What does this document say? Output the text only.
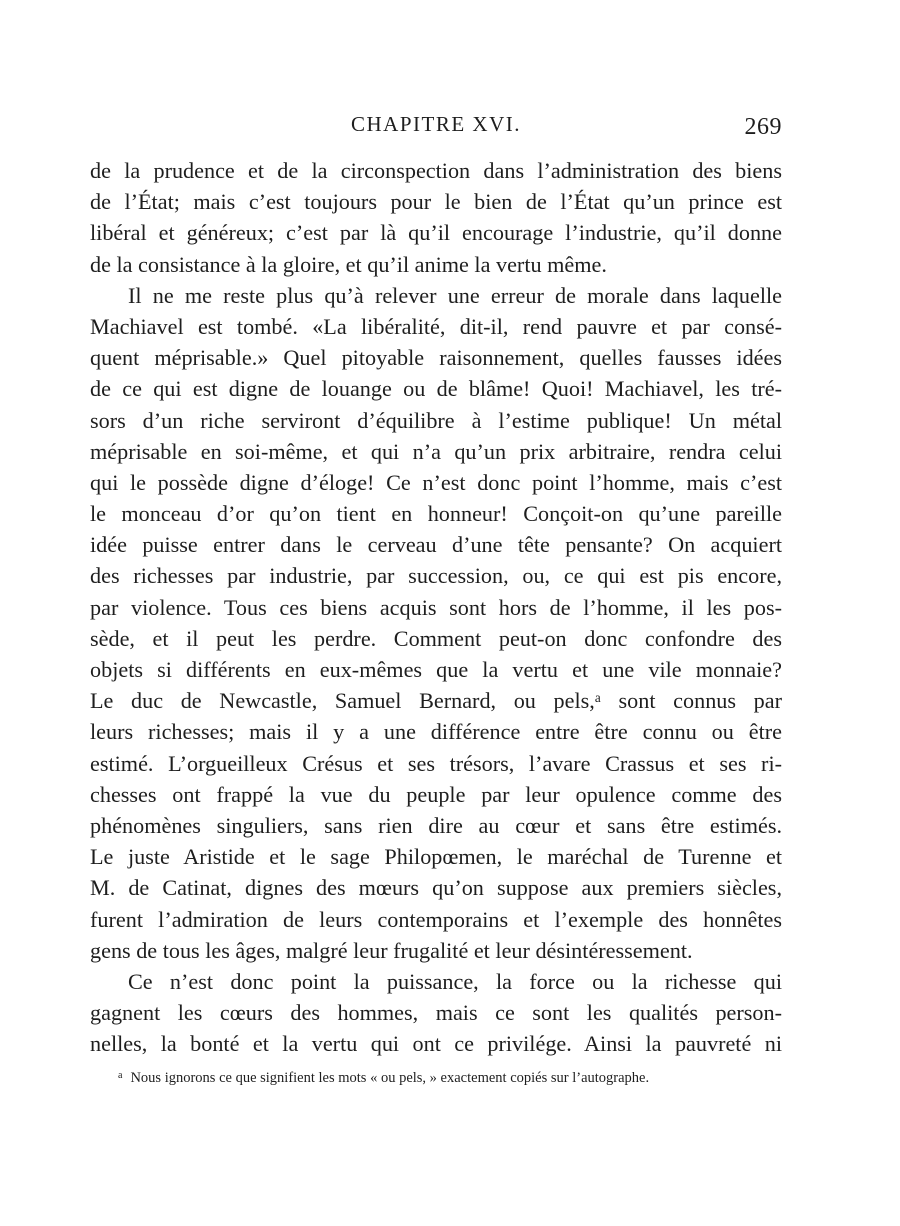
CHAPITRE XVI.	269
de la prudence et de la circonspection dans l’administration des biens
de l’État; mais c’est toujours pour le bien de l’État qu’un prince est
libéral et généreux; c’est par là qu’il encourage l’industrie, qu’il donne
de la consistance à la gloire, et qu’il anime la vertu même.
Il ne me reste plus qu’à relever une erreur de morale dans laquelle
Machiavel est tombé. «La libéralité, dit-il, rend pauvre et par consé-
quent méprisable.» Quel pitoyable raisonnement, quelles fausses idées
de ce qui est digne de louange ou de blâme! Quoi! Machiavel, les tré-
sors d’un riche serviront d’équilibre à l’estime publique! Un métal
méprisable en soi-même, et qui n’a qu’un prix arbitraire, rendra celui
qui le possède digne d’éloge! Ce n’est donc point l’homme, mais c’est
le monceau d’or qu’on tient en honneur! Conçoit-on qu’une pareille
idée puisse entrer dans le cerveau d’une tête pensante? On acquiert
des richesses par industrie, par succession, ou, ce qui est pis encore,
par violence. Tous ces biens acquis sont hors de l’homme, il les pos-
sède, et il peut les perdre. Comment peut-on donc confondre des
objets si différents en eux-mêmes que la vertu et une vile monnaie?
Le duc de Newcastle, Samuel Bernard, ou pels,ᵃ sont connus par
leurs richesses; mais il y a une différence entre être connu ou être
estimé. L’orgueilleux Crésus et ses trésors, l’avare Crassus et ses ri-
chesses ont frappé la vue du peuple par leur opulence comme des
phénomènes singuliers, sans rien dire au cœur et sans être estimés.
Le juste Aristide et le sage Philopœmen, le maréchal de Turenne et
M. de Catinat, dignes des mœurs qu’on suppose aux premiers siècles,
furent l’admiration de leurs contemporains et l’exemple des honnêtes
gens de tous les âges, malgré leur frugalité et leur désintéressement.
Ce n’est donc point la puissance, la force ou la richesse qui
gagnent les cœurs des hommes, mais ce sont les qualités person-
nelles, la bonté et la vertu qui ont ce privilége. Ainsi la pauvreté ni
a Nous ignorons ce que signifient les mots « ou pels, » exactement copiés sur l’autographe.
